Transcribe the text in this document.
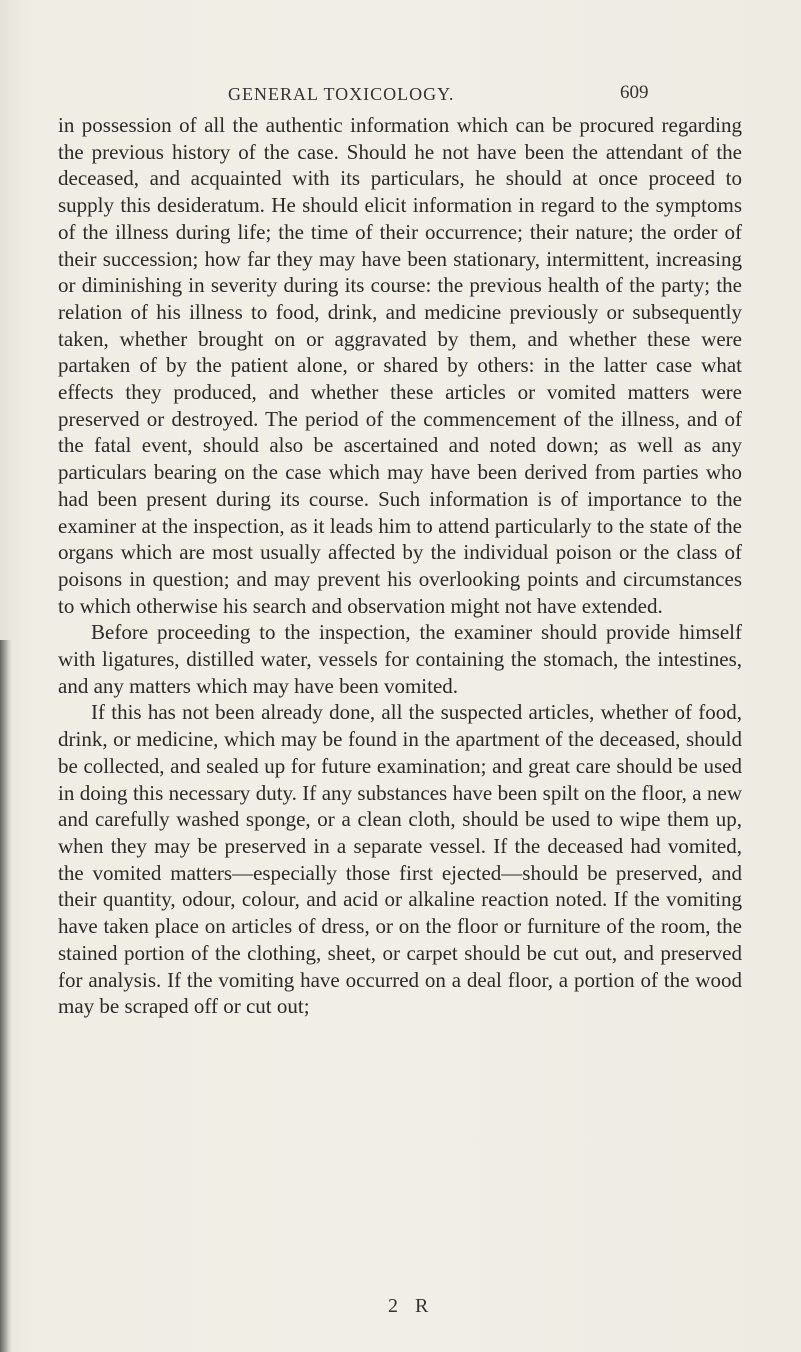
GENERAL TOXICOLOGY.	609

in possession of all the authentic information which can be procured regarding the previous history of the case. Should he not have been the attendant of the deceased, and acquainted with its particulars, he should at once proceed to supply this desideratum. He should elicit information in regard to the symptoms of the illness during life; the time of their occurrence; their nature; the order of their succession; how far they may have been stationary, intermittent, increasing or diminishing in severity during its course: the previous health of the party; the relation of his illness to food, drink, and medicine previously or subsequently taken, whether brought on or aggravated by them, and whether these were partaken of by the patient alone, or shared by others: in the latter case what effects they produced, and whether these articles or vomited matters were preserved or destroyed. The period of the commencement of the illness, and of the fatal event, should also be ascertained and noted down; as well as any particulars bearing on the case which may have been derived from parties who had been present during its course. Such information is of importance to the examiner at the inspection, as it leads him to attend particularly to the state of the organs which are most usually affected by the individual poison or the class of poisons in question; and may prevent his overlooking points and circumstances to which otherwise his search and observation might not have extended.

Before proceeding to the inspection, the examiner should provide himself with ligatures, distilled water, vessels for containing the stomach, the intestines, and any matters which may have been vomited.

If this has not been already done, all the suspected articles, whether of food, drink, or medicine, which may be found in the apartment of the deceased, should be collected, and sealed up for future examination; and great care should be used in doing this necessary duty. If any substances have been spilt on the floor, a new and carefully washed sponge, or a clean cloth, should be used to wipe them up, when they may be preserved in a separate vessel. If the deceased had vomited, the vomited matters—especially those first ejected—should be preserved, and their quantity, odour, colour, and acid or alkaline reaction noted. If the vomiting have taken place on articles of dress, or on the floor or furniture of the room, the stained portion of the clothing, sheet, or carpet should be cut out, and preserved for analysis. If the vomiting have occurred on a deal floor, a portion of the wood may be scraped off or cut out;

2 R
